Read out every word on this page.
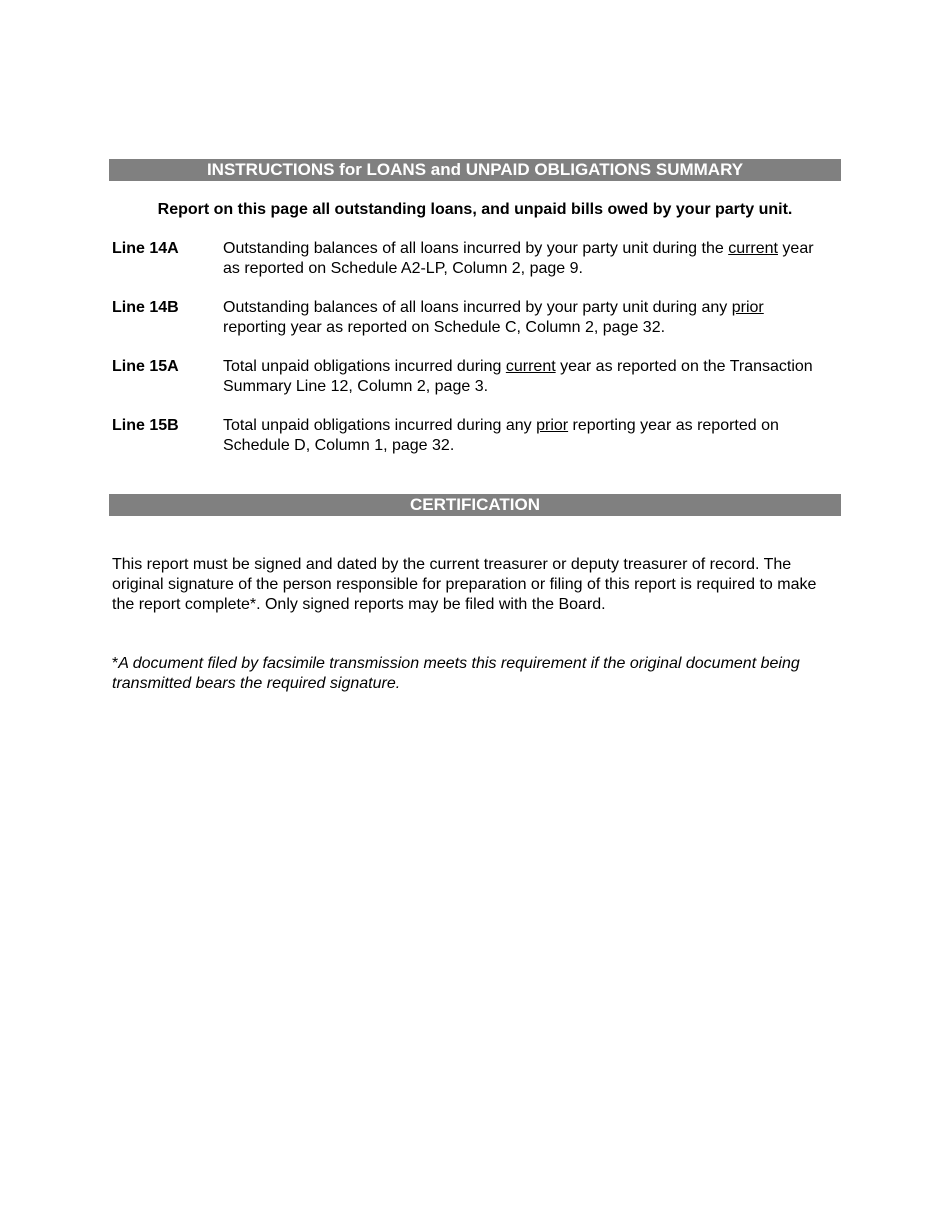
INSTRUCTIONS for LOANS and UNPAID OBLIGATIONS SUMMARY
Report on this page all outstanding loans, and unpaid bills owed by your party unit.
Line 14A	Outstanding balances of all loans incurred by your party unit during the current year as reported on Schedule A2-LP, Column 2, page 9.
Line 14B	Outstanding balances of all loans incurred by your party unit during any prior reporting year as reported on Schedule C, Column 2, page 32.
Line 15A	Total unpaid obligations incurred during current year as reported on the Transaction Summary Line 12, Column 2, page 3.
Line 15B	Total unpaid obligations incurred during any prior reporting year as reported on Schedule D, Column 1, page 32.
CERTIFICATION
This report must be signed and dated by the current treasurer or deputy treasurer of record. The original signature of the person responsible for preparation or filing of this report is required to make the report complete*. Only signed reports may be filed with the Board.
*A document filed by facsimile transmission meets this requirement if the original document being transmitted bears the required signature.
